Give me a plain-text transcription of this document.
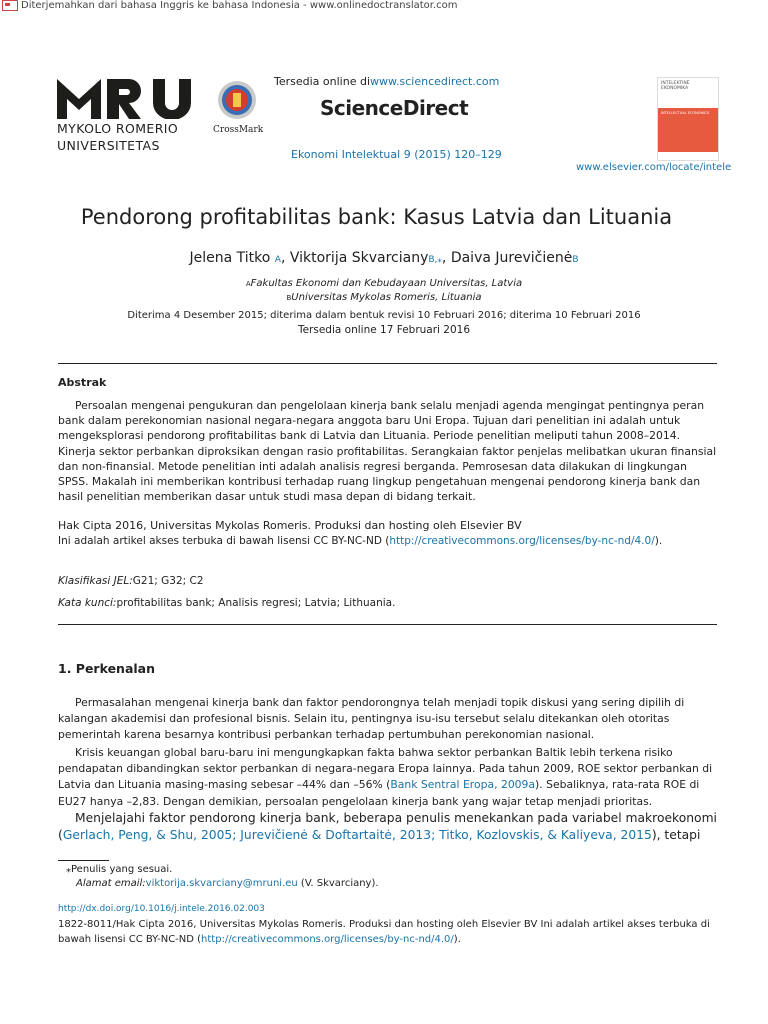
Diterjemahkan dari bahasa Inggris ke bahasa Indonesia - www.onlinedoctranslator.com
MYKOLO ROMERIO
UNIVERSITETAS
CrossMark
Tersedia online diwww.sciencedirect.com
ScienceDirect
Ekonomi Intelektual 9 (2015) 120–129
INTELEKTINĖ EKONOMIKA
INTELLECTUAL ECONOMICS
www.elsevier.com/locate/intele
Pendorong profitabilitas bank: Kasus Latvia dan Lituania
Jelena Titko A, Viktorija SkvarcianyB,⁎, Daiva JurevičienėB
AFakultas Ekonomi dan Kebudayaan Universitas, Latvia
BUniversitas Mykolas Romeris, Lituania
Diterima 4 Desember 2015; diterima dalam bentuk revisi 10 Februari 2016; diterima 10 Februari 2016
Tersedia online 17 Februari 2016
Abstrak
Persoalan mengenai pengukuran dan pengelolaan kinerja bank selalu menjadi agenda mengingat pentingnya peran bank dalam perekonomian nasional negara-negara anggota baru Uni Eropa. Tujuan dari penelitian ini adalah untuk mengeksplorasi pendorong profitabilitas bank di Latvia dan Lituania. Periode penelitian meliputi tahun 2008–2014. Kinerja sektor perbankan diproksikan dengan rasio profitabilitas. Serangkaian faktor penjelas melibatkan ukuran finansial dan non-finansial. Metode penelitian inti adalah analisis regresi berganda. Pemrosesan data dilakukan di lingkungan SPSS. Makalah ini memberikan kontribusi terhadap ruang lingkup pengetahuan mengenai pendorong kinerja bank dan hasil penelitian memberikan dasar untuk studi masa depan di bidang terkait.
Hak Cipta 2016, Universitas Mykolas Romeris. Produksi dan hosting oleh Elsevier BV
Ini adalah artikel akses terbuka di bawah lisensi CC BY-NC-ND (http://creativecommons.org/licenses/by-nc-nd/4.0/).
Klasifikasi JEL:G21; G32; C2
Kata kunci:profitabilitas bank; Analisis regresi; Latvia; Lithuania.
1. Perkenalan
Permasalahan mengenai kinerja bank dan faktor pendorongnya telah menjadi topik diskusi yang sering dipilih di kalangan akademisi dan profesional bisnis. Selain itu, pentingnya isu-isu tersebut selalu ditekankan oleh otoritas pemerintah karena besarnya kontribusi perbankan terhadap pertumbuhan perekonomian nasional.
Krisis keuangan global baru-baru ini mengungkapkan fakta bahwa sektor perbankan Baltik lebih terkena risiko pendapatan dibandingkan sektor perbankan di negara-negara Eropa lainnya. Pada tahun 2009, ROE sektor perbankan di Latvia dan Lituania masing-masing sebesar –44% dan –56% (Bank Sentral Eropa, 2009a). Sebaliknya, rata-rata ROE di EU27 hanya –2,83. Dengan demikian, persoalan pengelolaan kinerja bank yang wajar tetap menjadi prioritas.
Menjelajahi faktor pendorong kinerja bank, beberapa penulis menekankan pada variabel makroekonomi (Gerlach, Peng, & Shu, 2005; Jurevičienė & Doftartaitė, 2013; Titko, Kozlovskis, & Kaliyeva, 2015), tetapi
⁎Penulis yang sesuai.
Alamat email:viktorija.skvarciany@mruni.eu (V. Skvarciany).
http://dx.doi.org/10.1016/j.intele.2016.02.003
1822-8011/Hak Cipta 2016, Universitas Mykolas Romeris. Produksi dan hosting oleh Elsevier BV Ini adalah artikel akses terbuka di bawah lisensi CC BY-NC-ND (http://creativecommons.org/licenses/by-nc-nd/4.0/).
